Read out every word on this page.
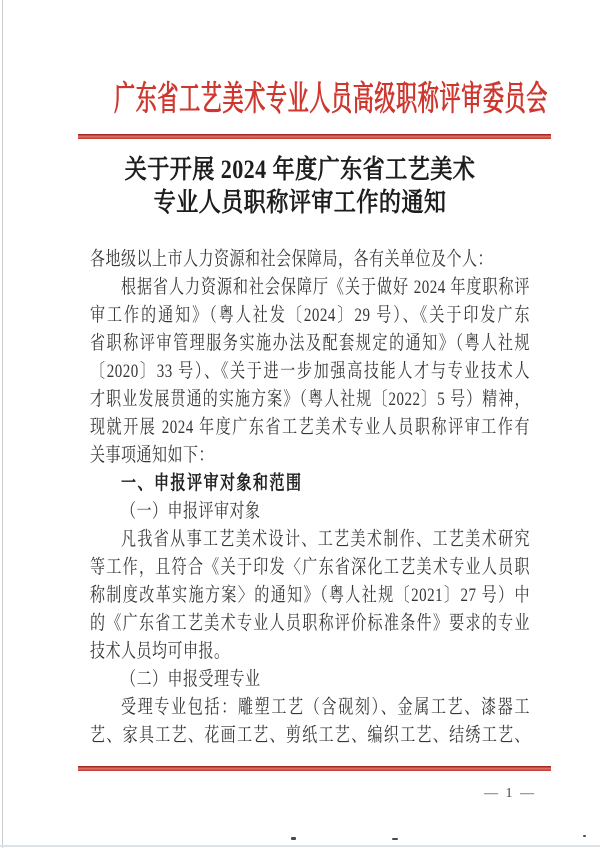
广东省工艺美术专业人员高级职称评审委员会
关于开展 2024 年度广东省工艺美术
专业人员职称评审工作的通知
各地级以上市人力资源和社会保障局，各有关单位及个人：
根据省人力资源和社会保障厅《关于做好 2024 年度职称评
审工作的通知》（粤人社发〔2024〕29 号）、《关于印发广东
省职称评审管理服务实施办法及配套规定的通知》（粤人社规
〔2020〕33 号）、《关于进一步加强高技能人才与专业技术人
才职业发展贯通的实施方案》（粤人社规〔2022〕5 号）精神，
现就开展 2024 年度广东省工艺美术专业人员职称评审工作有
关事项通知如下：
一、申报评审对象和范围
（一）申报评审对象
凡我省从事工艺美术设计、工艺美术制作、工艺美术研究
等工作，且符合《关于印发〈广东省深化工艺美术专业人员职
称制度改革实施方案〉的通知》（粤人社规〔2021〕27 号）中
的《广东省工艺美术专业人员职称评价标准条件》要求的专业
技术人员均可申报。
（二）申报受理专业
受理专业包括：雕塑工艺（含砚刻）、金属工艺、漆器工
艺、家具工艺、花画工艺、剪纸工艺、编织工艺、结绣工艺、
— 1 —
